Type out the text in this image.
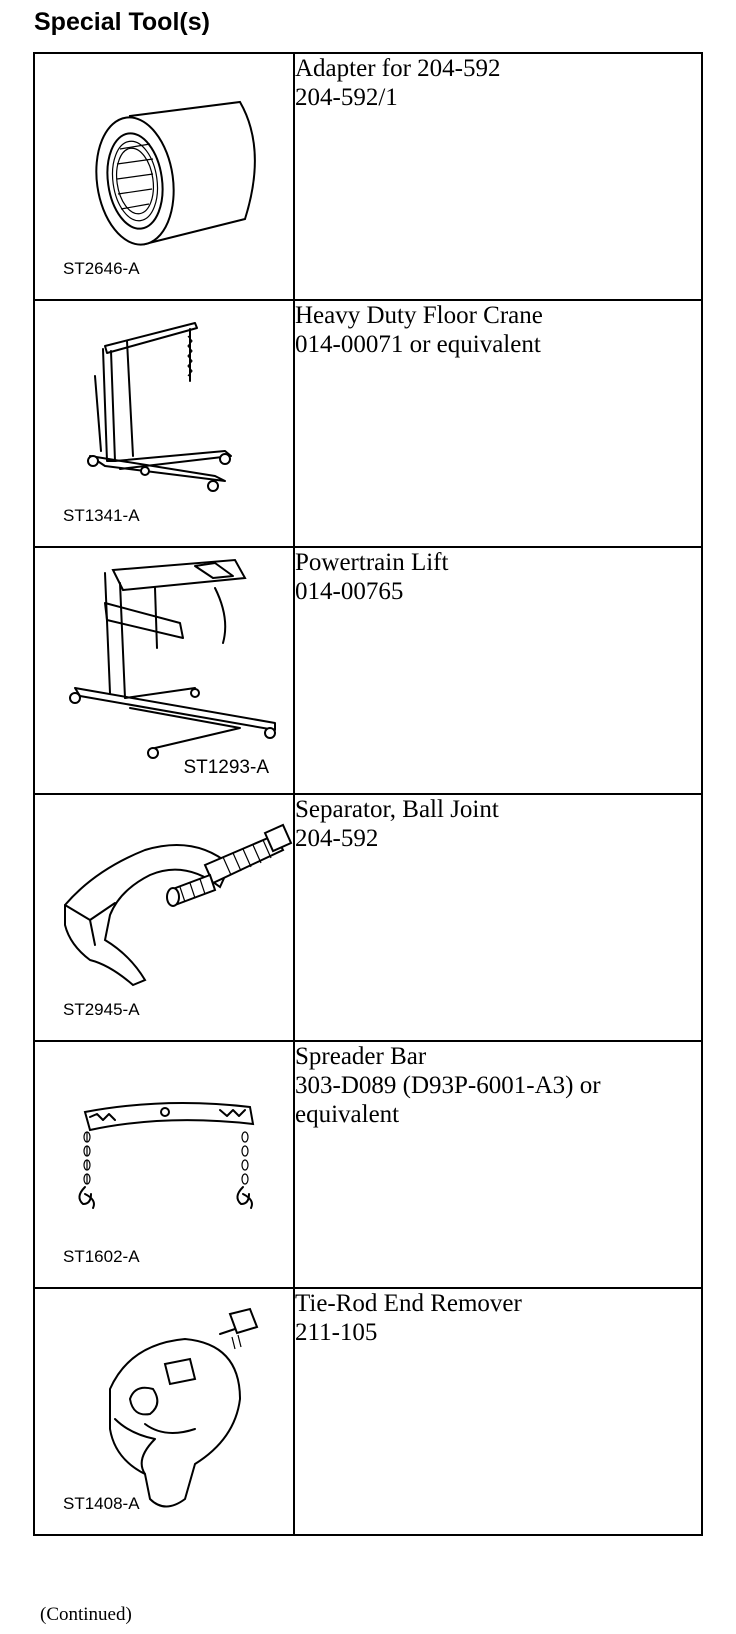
Special Tool(s)
ST2646-A	Adapter for 204-592
204-592/1

ST1341-A	Heavy Duty Floor Crane
014-00071 or equivalent

ST1293-A	Powertrain Lift
014-00765

ST2945-A	Separator, Ball Joint
204-592

ST1602-A	Spreader Bar
303-D089 (D93P-6001-A3) or
equivalent

ST1408-A	Tie-Rod End Remover
211-105
(Continued)
